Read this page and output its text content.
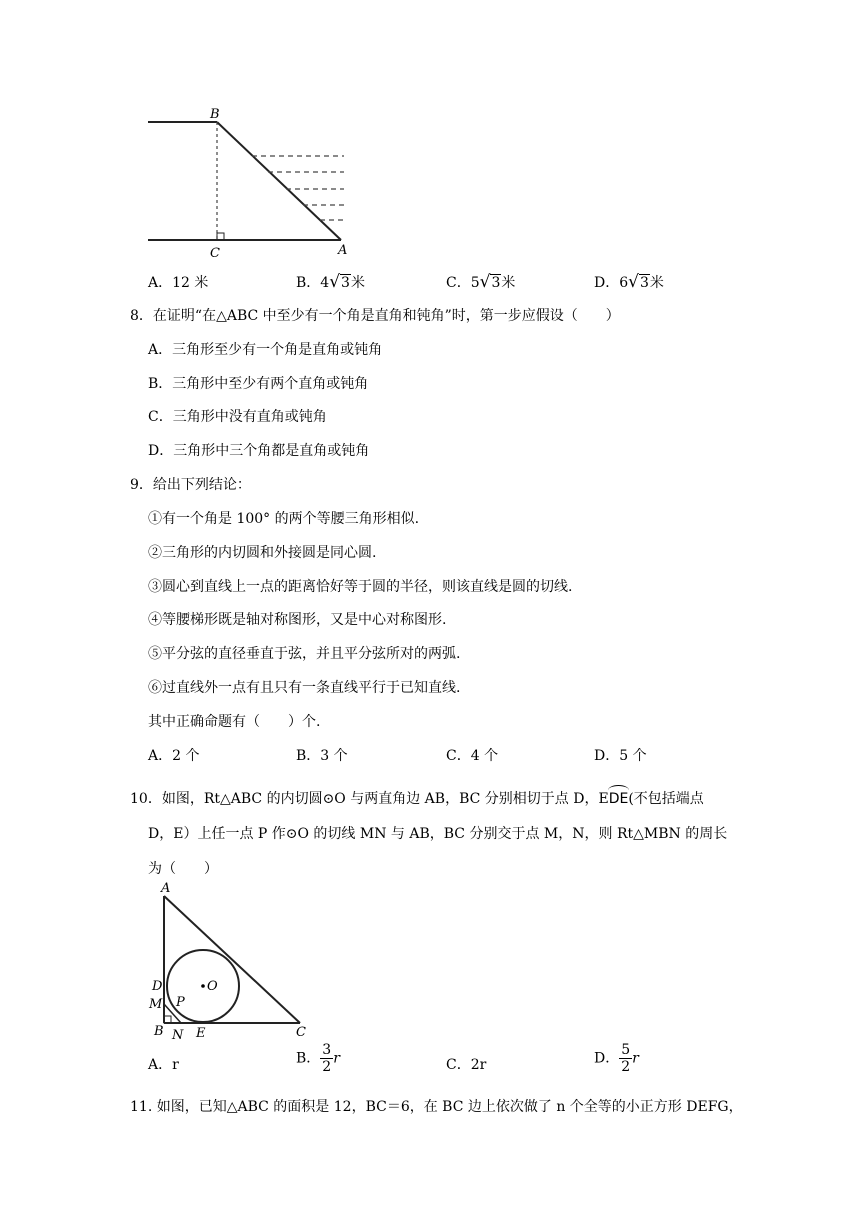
B
C	A
A．12 米	B．4√3米	C．5√3米	D．6√3米
8．在证明“在△ABC 中至少有一个角是直角和钝角”时，第一步应假设（　　）
A．三角形至少有一个角是直角或钝角
B．三角形中至少有两个直角或钝角
C．三角形中没有直角或钝角
D．三角形中三个角都是直角或钝角
9．给出下列结论：
①有一个角是 100° 的两个等腰三角形相似.
②三角形的内切圆和外接圆是同心圆.
③圆心到直线上一点的距离恰好等于圆的半径，则该直线是圆的切线.
④等腰梯形既是轴对称图形，又是中心对称图形.
⑤平分弦的直径垂直于弦，并且平分弦所对的两弧.
⑥过直线外一点有且只有一条直线平行于已知直线.
其中正确命题有（　　）个.
A．2 个	B．3 个	C．4 个	D．5 个
10．如图，Rt△ABC 的内切圆⊙O 与两直角边 AB，BC 分别相切于点 D，EDE(不包括端点
D，E）上任一点 P 作⊙O 的切线 MN 与 AB，BC 分别交于点 M，N，则 Rt△MBN 的周长
为（　　）
A
D
M P
O
B N E	C
A．r	B． $\frac{3}{2}$ r	C．2r	D． $\frac{5}{2}$ r
11. 如图，已知△ABC 的面积是 12，BC＝6，在 BC 边上依次做了 n 个全等的小正方形 DEFG，
